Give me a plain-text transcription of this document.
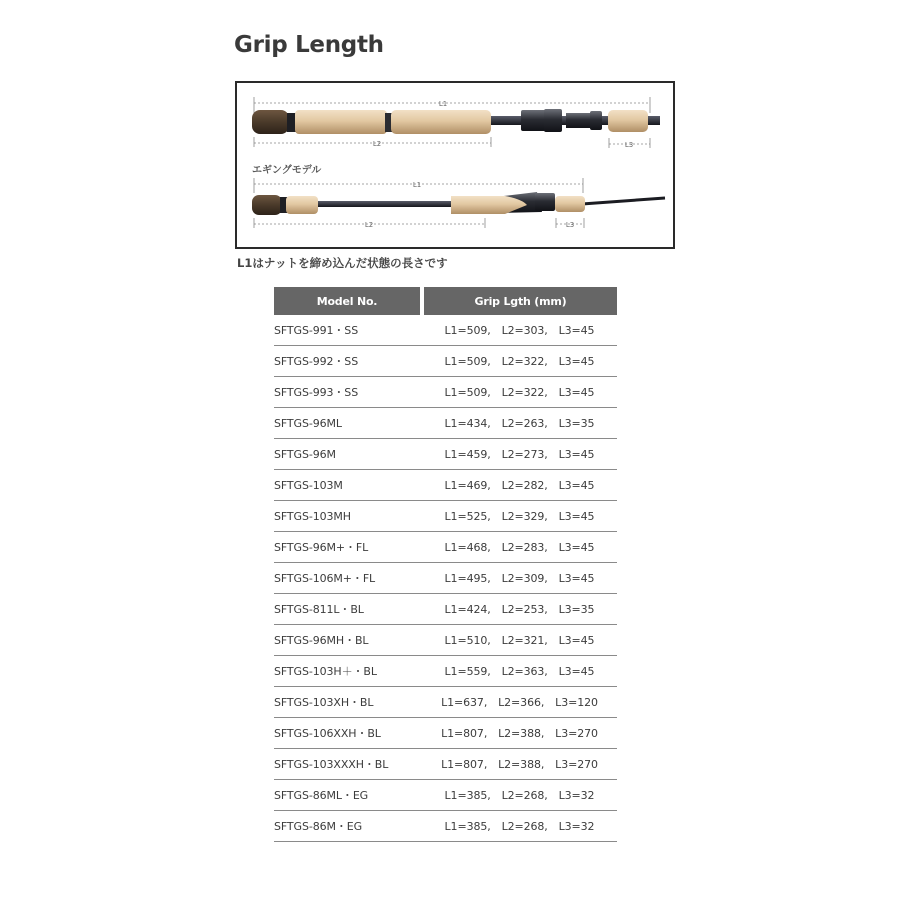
Grip Length
L1
L2	L3
エギングモデル
L1
L2	L3

L1はナットを締め込んだ状態の長さです

Model No.	Grip Lgth (mm)
SFTGS-991・SS	L1=509,　L2=303,　L3=45
SFTGS-992・SS	L1=509,　L2=322,　L3=45
SFTGS-993・SS	L1=509,　L2=322,　L3=45
SFTGS-96ML	L1=434,　L2=263,　L3=35
SFTGS-96M	L1=459,　L2=273,　L3=45
SFTGS-103M	L1=469,　L2=282,　L3=45
SFTGS-103MH	L1=525,　L2=329,　L3=45
SFTGS-96M+・FL	L1=468,　L2=283,　L3=45
SFTGS-106M+・FL	L1=495,　L2=309,　L3=45
SFTGS-811L・BL	L1=424,　L2=253,　L3=35
SFTGS-96MH・BL	L1=510,　L2=321,　L3=45
SFTGS-103H＋・BL	L1=559,　L2=363,　L3=45
SFTGS-103XH・BL	L1=637,　L2=366,　L3=120
SFTGS-106XXH・BL	L1=807,　L2=388,　L3=270
SFTGS-103XXXH・BL	L1=807,　L2=388,　L3=270
SFTGS-86ML・EG	L1=385,　L2=268,　L3=32
SFTGS-86M・EG	L1=385,　L2=268,　L3=32
